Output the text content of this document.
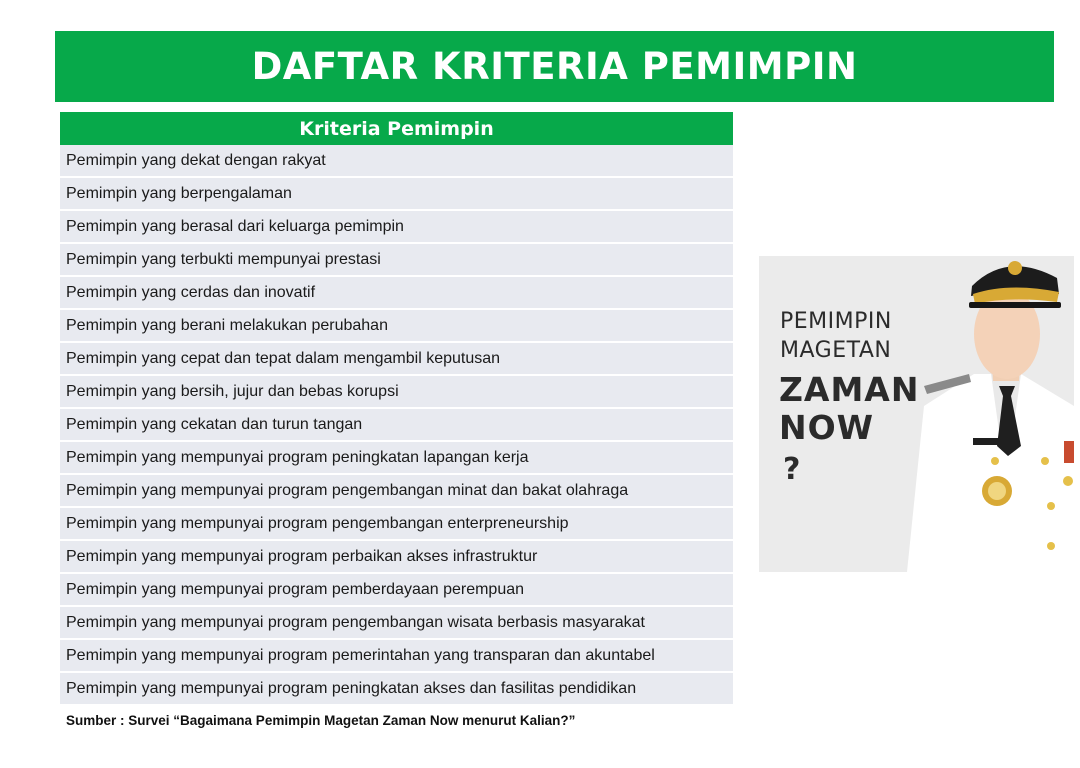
DAFTAR KRITERIA PEMIMPIN
Kriteria Pemimpin
Pemimpin yang dekat dengan rakyat
Pemimpin yang berpengalaman
Pemimpin yang berasal dari keluarga pemimpin
Pemimpin yang terbukti mempunyai prestasi
Pemimpin yang cerdas dan inovatif
Pemimpin yang berani melakukan perubahan
Pemimpin yang cepat dan tepat dalam mengambil keputusan
Pemimpin yang bersih, jujur dan bebas korupsi
Pemimpin yang cekatan dan turun tangan
Pemimpin yang mempunyai program peningkatan lapangan kerja
Pemimpin yang mempunyai program pengembangan minat dan bakat olahraga
Pemimpin yang mempunyai program pengembangan enterpreneurship
Pemimpin yang mempunyai program perbaikan akses infrastruktur
Pemimpin yang mempunyai program pemberdayaan perempuan
Pemimpin yang mempunyai program pengembangan wisata berbasis masyarakat
Pemimpin yang mempunyai program pemerintahan yang transparan dan akuntabel
Pemimpin yang mempunyai program peningkatan akses dan fasilitas pendidikan
Sumber : Survei “Bagaimana Pemimpin Magetan Zaman Now menurut Kalian?”
PEMIMPIN
MAGETAN
ZAMAN
NOW
?
